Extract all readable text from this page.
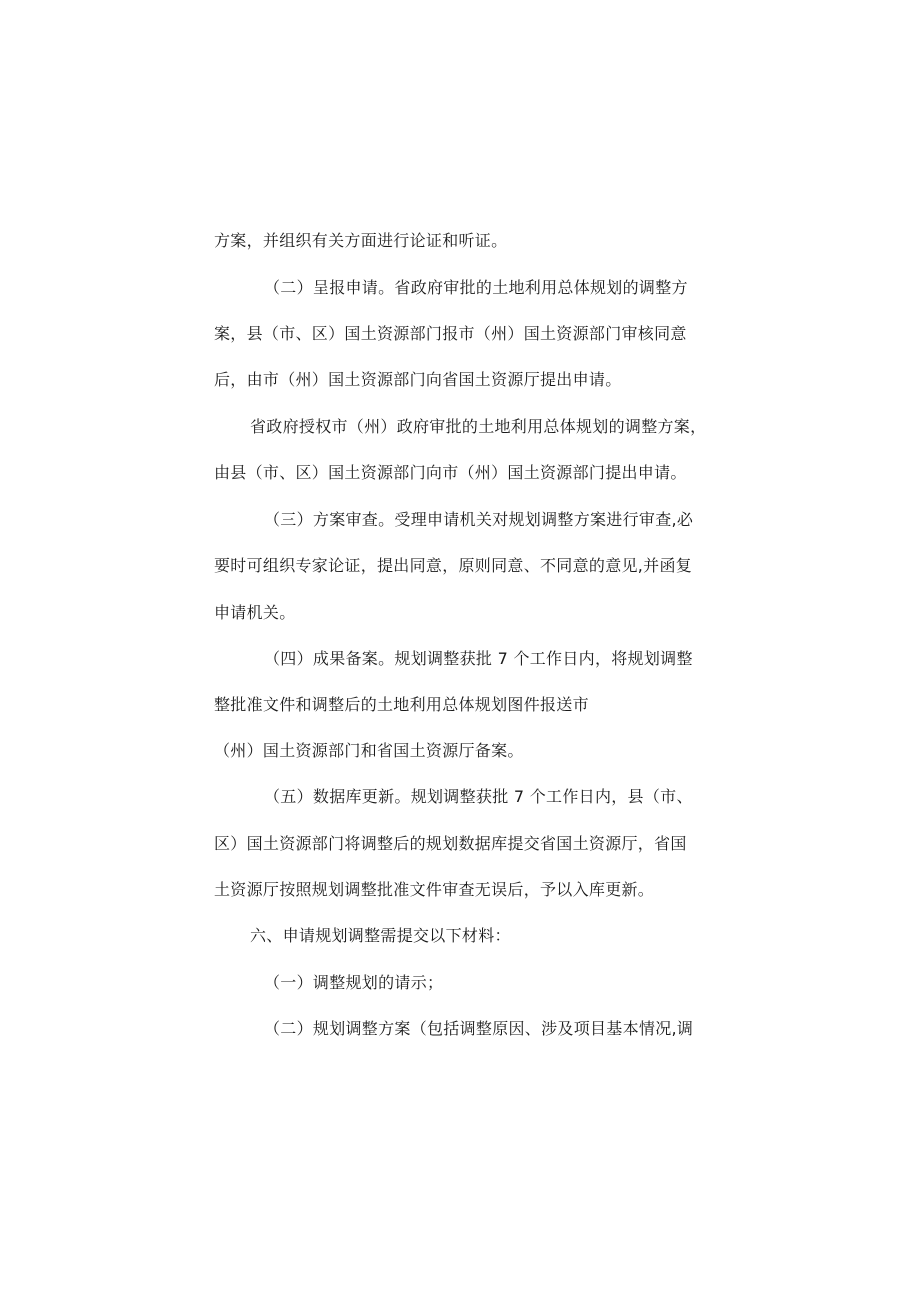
方案，并组织有关方面进行论证和听证。
（二）呈报申请。省政府审批的土地利用总体规划的调整方
案，县（市、区）国土资源部门报市（州）国土资源部门审核同意
后，由市（州）国土资源部门向省国土资源厅提出申请。
省政府授权市（州）政府审批的土地利用总体规划的调整方案，
由县（市、区）国土资源部门向市（州）国土资源部门提出申请。
（三）方案审查。受理申请机关对规划调整方案进行审查,必
要时可组织专家论证，提出同意，原则同意、不同意的意见,并函复
申请机关。
（四）成果备案。规划调整获批 7 个工作日内，将规划调整
整批准文件和调整后的土地利用总体规划图件报送市
（州）国土资源部门和省国土资源厅备案。
（五）数据库更新。规划调整获批 7 个工作日内，县（市、
区）国土资源部门将调整后的规划数据库提交省国土资源厅，省国
土资源厅按照规划调整批准文件审查无误后，予以入库更新。
六、申请规划调整需提交以下材料：
（一）调整规划的请示；
（二）规划调整方案（包括调整原因、涉及项目基本情况,调
